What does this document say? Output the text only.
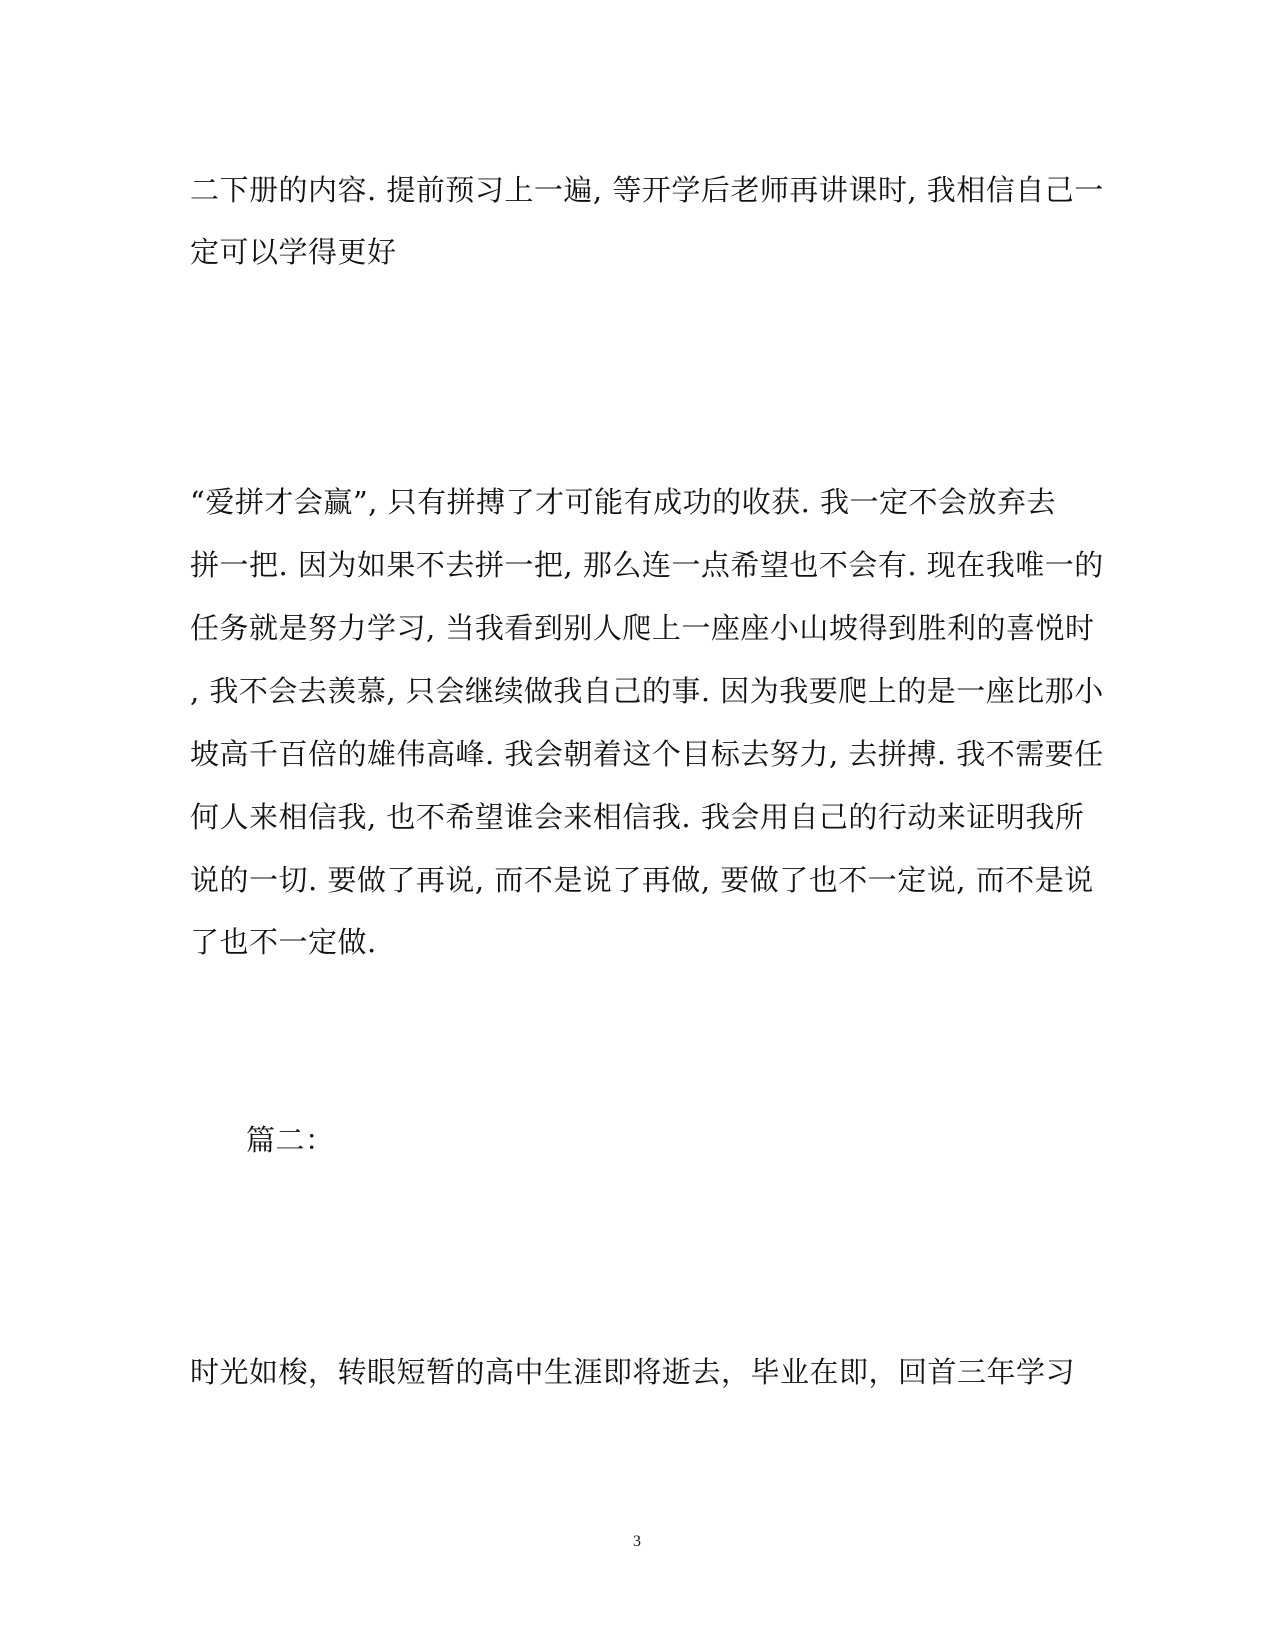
二下册的内容. 提前预习上一遍, 等开学后老师再讲课时, 我相信自己一
定可以学得更好
“爱拼才会赢”, 只有拼搏了才可能有成功的收获. 我一定不会放弃去
拼一把. 因为如果不去拼一把, 那么连一点希望也不会有. 现在我唯一的
任务就是努力学习, 当我看到别人爬上一座座小山坡得到胜利的喜悦时
, 我不会去羡慕, 只会继续做我自己的事. 因为我要爬上的是一座比那小
坡高千百倍的雄伟高峰. 我会朝着这个目标去努力, 去拼搏. 我不需要任
何人来相信我, 也不希望谁会来相信我. 我会用自己的行动来证明我所
说的一切. 要做了再说, 而不是说了再做, 要做了也不一定说, 而不是说
了也不一定做.
篇二：
时光如梭，转眼短暂的高中生涯即将逝去，毕业在即，回首三年学习
3
